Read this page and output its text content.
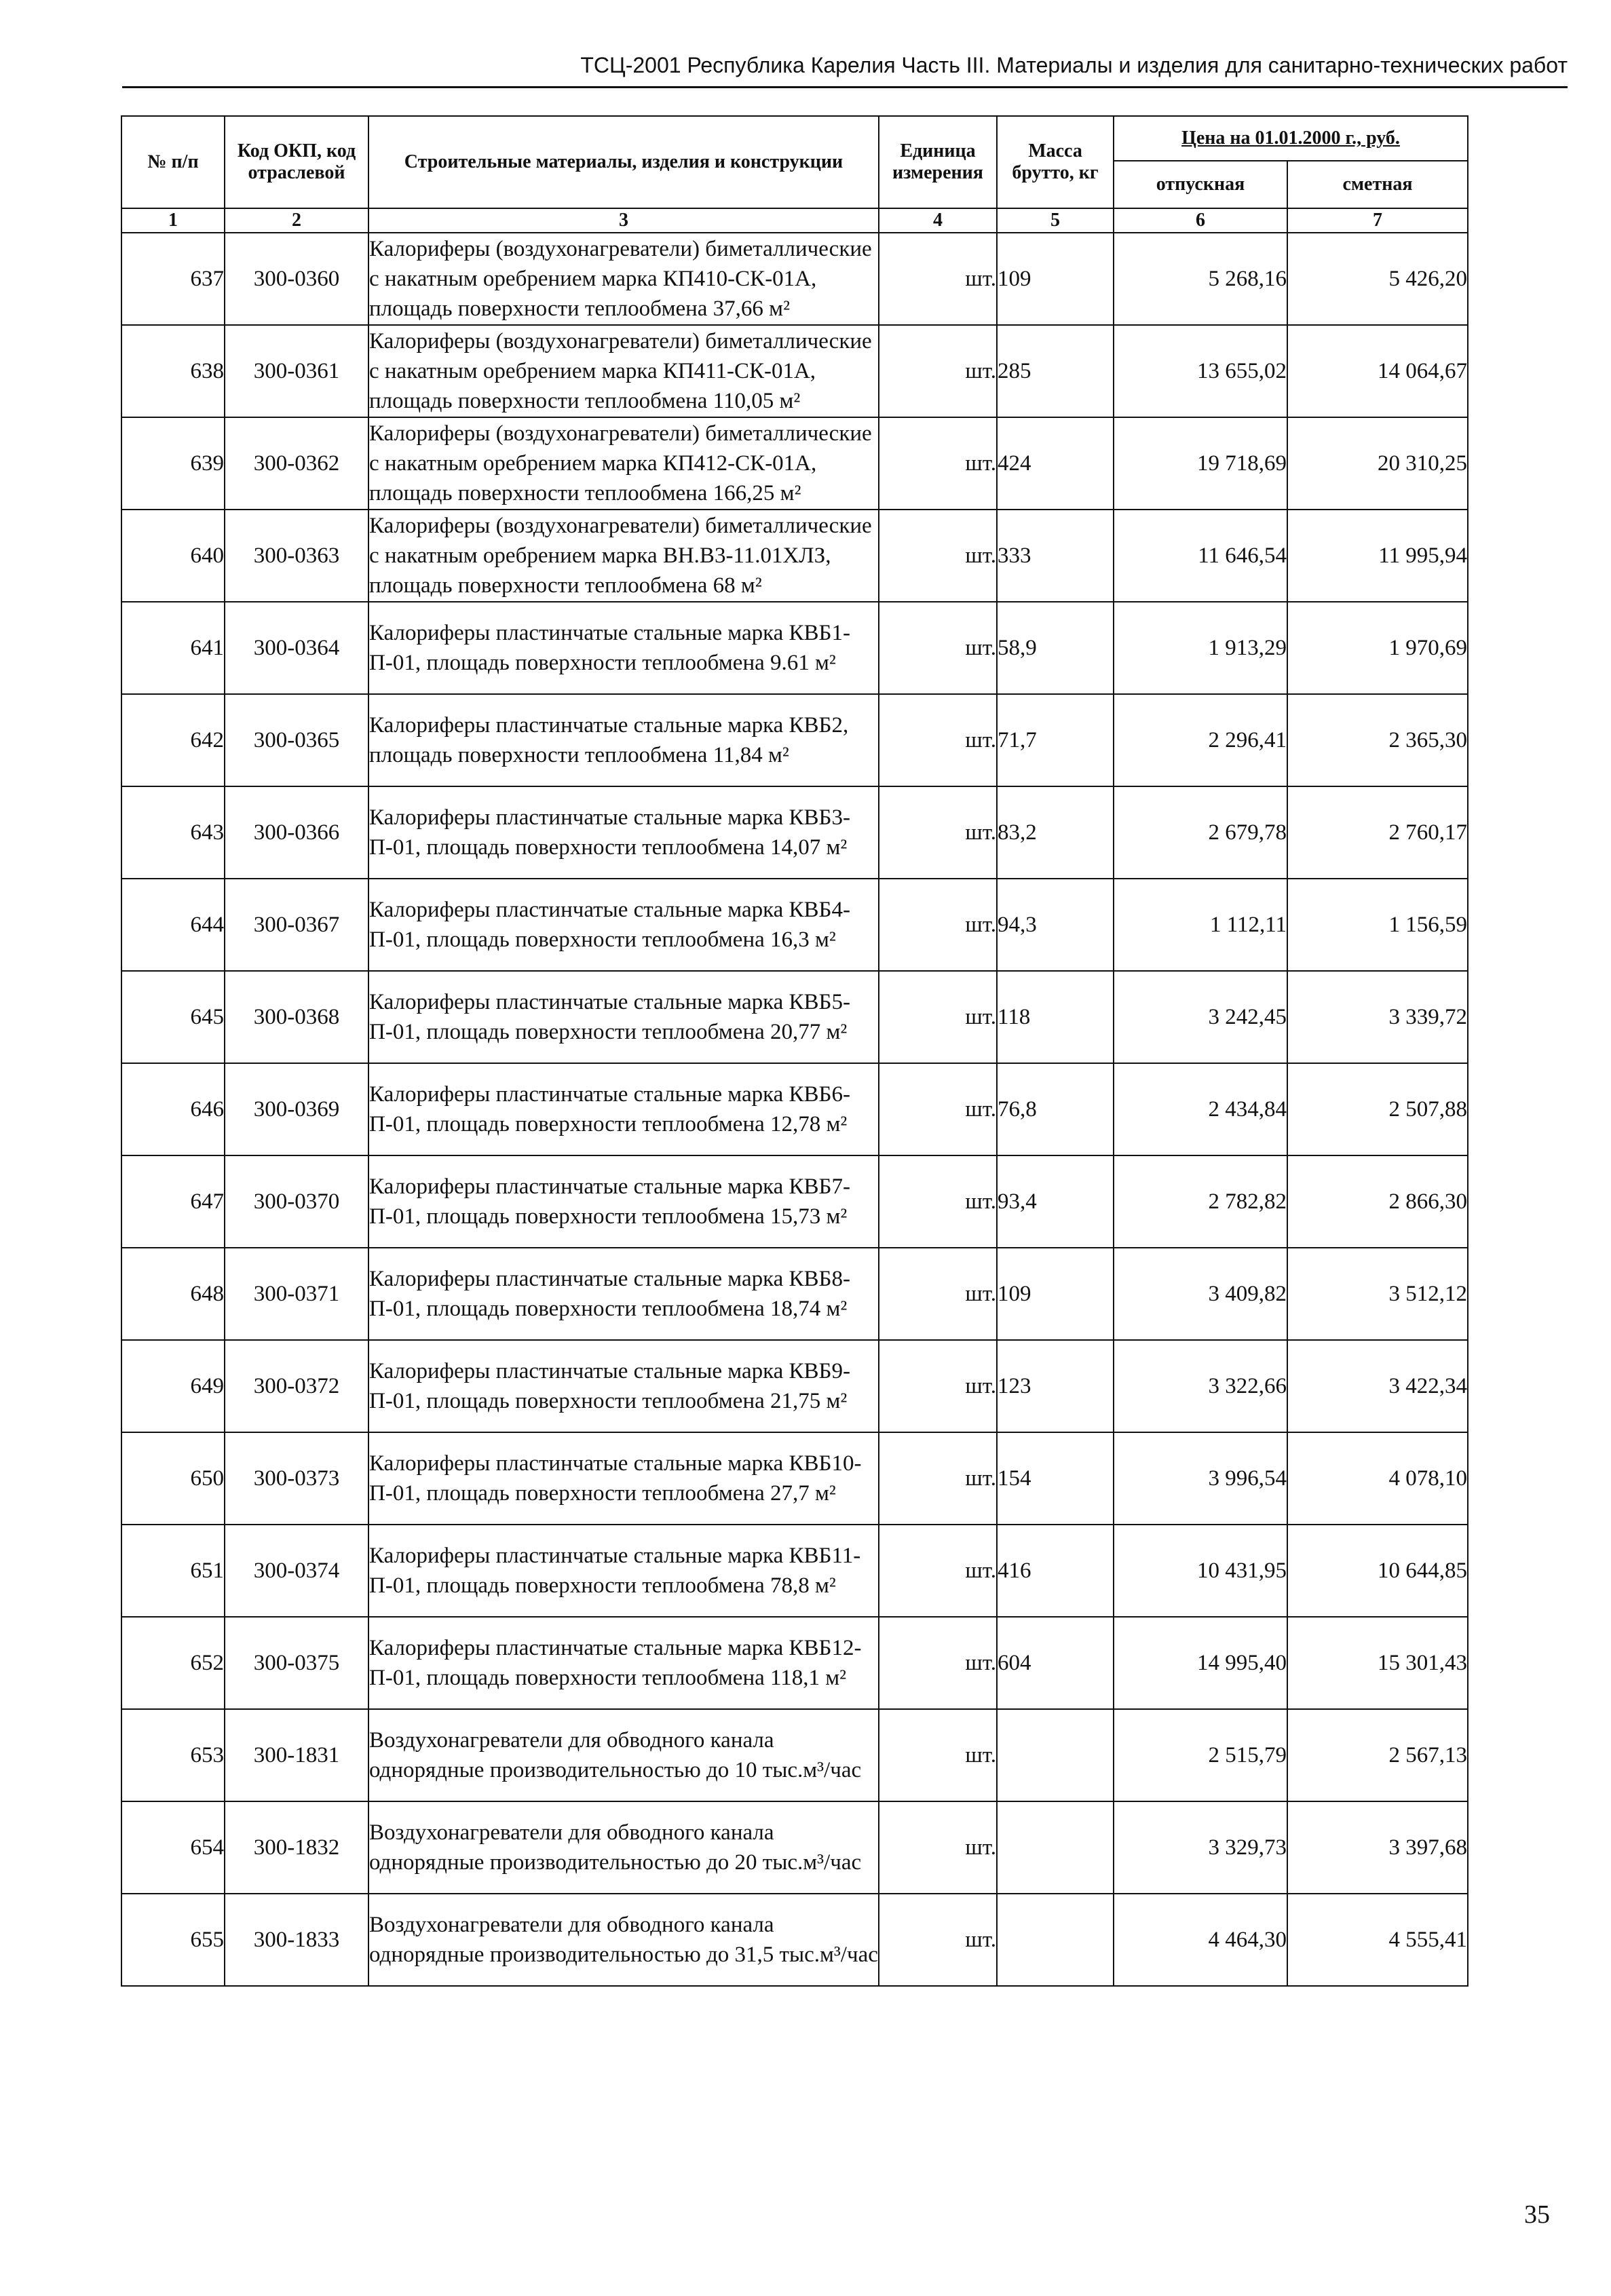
ТСЦ-2001 Республика Карелия Часть III. Материалы и изделия для санитарно-технических работ
№ п/п	Код ОКП, код отраслевой	Строительные материалы, изделия и конструкции	Единица измерения	Масса брутто, кг	Цена на 01.01.2000 г., руб.	
					отпускная	сметная
1	2	3	4	5	6	7
637	300-0360	Калориферы (воздухонагреватели) биметаллические с накатным оребрением марка КП410-СК-01А, площадь поверхности теплообмена 37,66 м²	шт.	109	5 268,16	5 426,20
638	300-0361	Калориферы (воздухонагреватели) биметаллические с накатным оребрением марка КП411-СК-01А, площадь поверхности теплообмена 110,05 м²	шт.	285	13 655,02	14 064,67
639	300-0362	Калориферы (воздухонагреватели) биметаллические с накатным оребрением марка КП412-СК-01А, площадь поверхности теплообмена 166,25 м²	шт.	424	19 718,69	20 310,25
640	300-0363	Калориферы (воздухонагреватели) биметаллические с накатным оребрением марка ВН.В3-11.01ХЛЗ, площадь поверхности теплообмена 68 м²	шт.	333	11 646,54	11 995,94
641	300-0364	Калориферы пластинчатые стальные марка КВБ1-П-01, площадь поверхности теплообмена 9.61 м²	шт.	58,9	1 913,29	1 970,69
642	300-0365	Калориферы пластинчатые стальные марка КВБ2, площадь поверхности теплообмена 11,84 м²	шт.	71,7	2 296,41	2 365,30
643	300-0366	Калориферы пластинчатые стальные марка КВБ3-П-01, площадь поверхности теплообмена 14,07 м²	шт.	83,2	2 679,78	2 760,17
644	300-0367	Калориферы пластинчатые стальные марка КВБ4-П-01, площадь поверхности теплообмена 16,3 м²	шт.	94,3	1 112,11	1 156,59
645	300-0368	Калориферы пластинчатые стальные марка КВБ5-П-01, площадь поверхности теплообмена 20,77 м²	шт.	118	3 242,45	3 339,72
646	300-0369	Калориферы пластинчатые стальные марка КВБ6-П-01, площадь поверхности теплообмена 12,78 м²	шт.	76,8	2 434,84	2 507,88
647	300-0370	Калориферы пластинчатые стальные марка КВБ7-П-01, площадь поверхности теплообмена 15,73 м²	шт.	93,4	2 782,82	2 866,30
648	300-0371	Калориферы пластинчатые стальные марка КВБ8-П-01, площадь поверхности теплообмена 18,74 м²	шт.	109	3 409,82	3 512,12
649	300-0372	Калориферы пластинчатые стальные марка КВБ9-П-01, площадь поверхности теплообмена 21,75 м²	шт.	123	3 322,66	3 422,34
650	300-0373	Калориферы пластинчатые стальные марка КВБ10-П-01, площадь поверхности теплообмена 27,7 м²	шт.	154	3 996,54	4 078,10
651	300-0374	Калориферы пластинчатые стальные марка КВБ11-П-01, площадь поверхности теплообмена 78,8 м²	шт.	416	10 431,95	10 644,85
652	300-0375	Калориферы пластинчатые стальные марка КВБ12-П-01, площадь поверхности теплообмена 118,1 м²	шт.	604	14 995,40	15 301,43
653	300-1831	Воздухонагреватели для обводного канала однорядные производительностью до 10 тыс.м³/час	шт.		2 515,79	2 567,13
654	300-1832	Воздухонагреватели для обводного канала однорядные производительностью до 20 тыс.м³/час	шт.		3 329,73	3 397,68
655	300-1833	Воздухонагреватели для обводного канала однорядные производительностью до 31,5 тыс.м³/час	шт.		4 464,30	4 555,41
35
